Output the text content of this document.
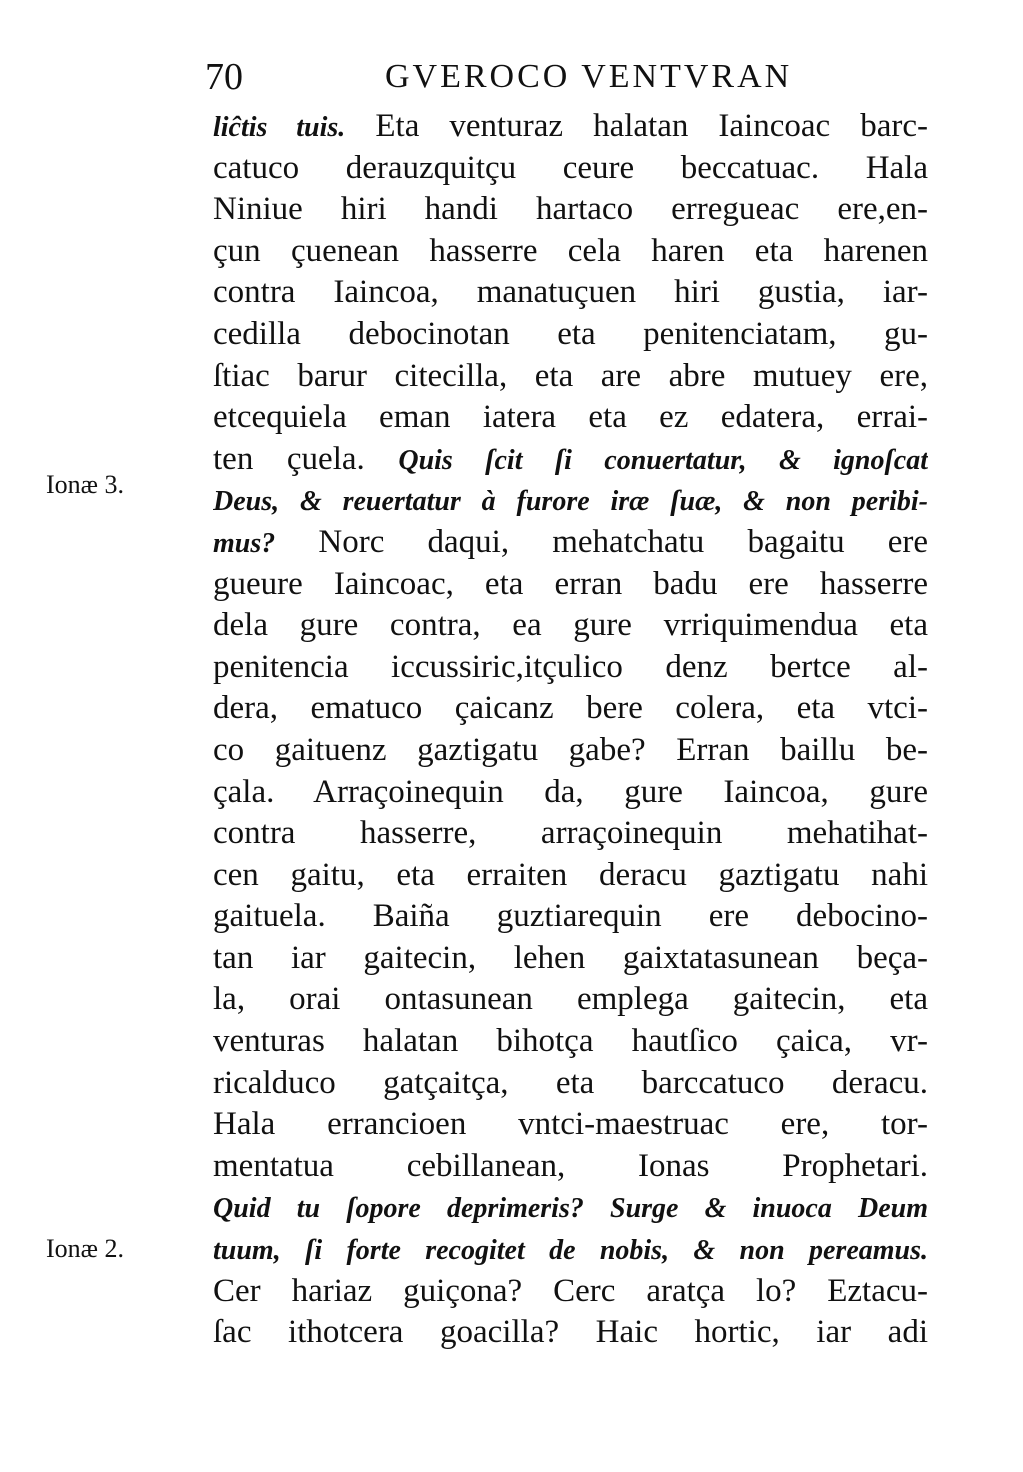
70	GVEROCO VENTVRAN
Ionæ 3.
Ionæ 2.
liĉtis tuis. Eta venturaz halatan Iaincoac barc-
catuco derauzquitçu ceure beccatuac. Hala
Niniue hiri handi hartaco erregueac ere,en-
çun çuenean hasserre cela haren eta harenen
contra Iaincoa, manatuçuen hiri gustia, iar-
cedilla debocinotan eta penitenciatam, gu-
ſtiac barur citecilla, eta are abre mutuey ere,
etcequiela eman iatera eta ez edatera, errai-
ten çuela. Quis ſcit ſi conuertatur, & ignoſcat
Deus, & reuertatur à furore iræ ſuæ, & non peribi-
mus? Norc daqui, mehatchatu bagaitu ere
gueure Iaincoac, eta erran badu ere hasserre
dela gure contra, ea gure vrriquimendua eta
penitencia iccussiric,itçulico denz bertce al-
dera, ematuco çaicanz bere colera, eta vtci-
co gaituenz gaztigatu gabe? Erran baillu be-
çala. Arraçoinequin da, gure Iaincoa, gure
contra hasserre, arraçoinequin mehatihat-
cen gaitu, eta erraiten deracu gaztigatu nahi
gaituela. Baiña guztiarequin ere debocino-
tan iar gaitecin, lehen gaixtatasunean beça-
la, orai ontasunean emplega gaitecin, eta
venturas halatan bihotça hautſico çaica, vr-
ricalduco gatçaitça, eta barccatuco deracu.
Hala errancioen vntci-maestruac ere, tor-
mentatua cebillanean, Ionas Prophetari.
Quid tu ſopore deprimeris? Surge & inuoca Deum
tuum, ſi forte recogitet de nobis, & non pereamus.
Cer hariaz guiçona? Cerc aratça lo? Eztacu-
ſac ithotcera goacilla? Haic hortic, iar adi
